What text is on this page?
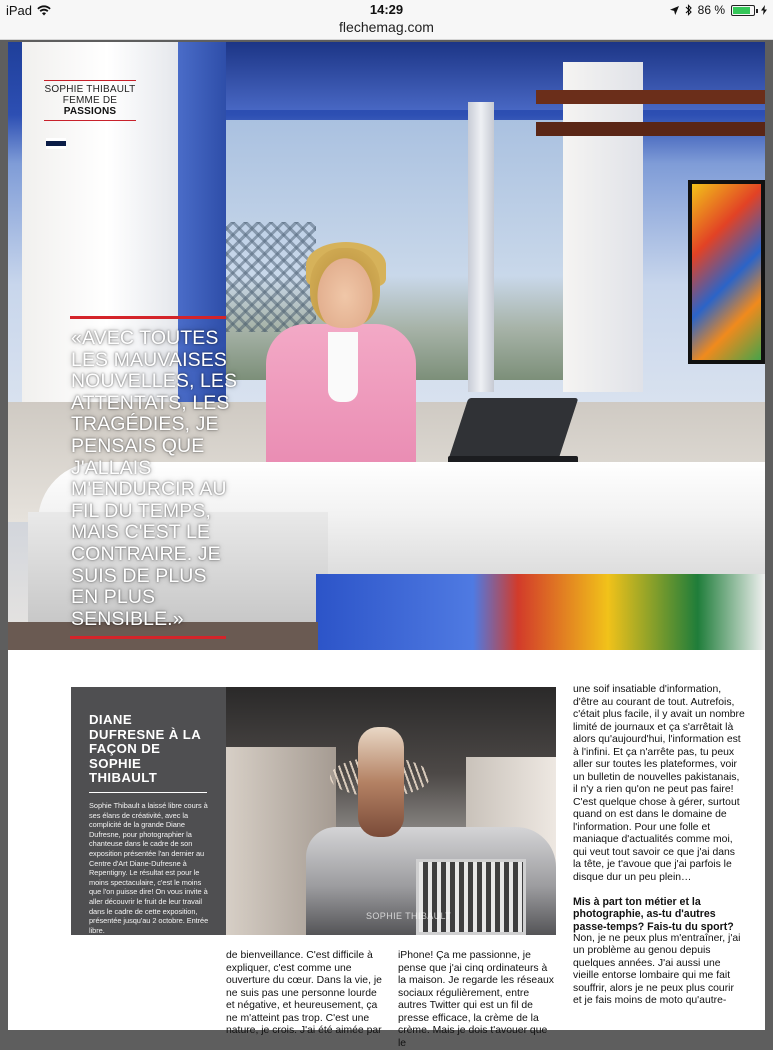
iPad	14:29
flechemag.com
86 %
SOPHIE THIBAULT
FEMME DE
PASSIONS

«AVEC TOUTES LES MAUVAISES NOUVELLES, LES ATTENTATS, LES TRAGÉDIES, JE PENSAIS QUE J'ALLAIS M'ENDURCIR AU FIL DU TEMPS, MAIS C'EST LE CONTRAIRE. JE SUIS DE PLUS EN PLUS SENSIBLE.»

DIANE DUFRESNE À LA FAÇON DE SOPHIE THIBAULT

Sophie Thibault a laissé libre cours à ses élans de créativité, avec la complicité de la grande Diane Dufresne, pour photographier la chanteuse dans le cadre de son exposition présentée l'an dernier au Centre d'Art Diane-Dufresne à Repentigny. Le résultat est pour le moins spectaculaire, c'est le moins que l'on puisse dire! On vous invite à aller découvrir le fruit de leur travail dans le cadre de cette exposition, présentée jusqu'au 2 octobre. Entrée libre.

SOPHIE THIBAULT

une soif insatiable d'information, d'être au courant de tout. Autrefois, c'était plus facile, il y avait un nombre limité de journaux et ça s'arrêtait là alors qu'aujourd'hui, l'information est à l'infini. Et ça n'arrête pas, tu peux aller sur toutes les plateformes, voir un bulletin de nouvelles pakistanais, il n'y a rien qu'on ne peut pas faire! C'est quelque chose à gérer, surtout quand on est dans le domaine de l'information. Pour une folle et maniaque d'actualités comme moi, qui veut tout savoir ce que j'ai dans la tête, je t'avoue que j'ai parfois le disque dur un peu plein…

Mis à part ton métier et la photographie, as-tu d'autres passe-temps? Fais-tu du sport?

Non, je ne peux plus m'entraîner, j'ai un problème au genou depuis quelques années. J'ai aussi une vieille entorse lombaire qui me fait souffrir, alors je ne peux plus courir et je fais moins de moto qu'autre-

de bienveillance. C'est difficile à expliquer, c'est comme une ouverture du cœur. Dans la vie, je ne suis pas une personne lourde et négative, et heureusement, ça ne m'atteint pas trop. C'est une nature, je crois. J'ai été aimée par
iPhone! Ça me passionne, je pense que j'ai cinq ordinateurs à la maison. Je regarde les réseaux sociaux régulièrement, entre autres Twitter qui est un fil de presse efficace, la crème de la crème. Mais je dois t'avouer que le
